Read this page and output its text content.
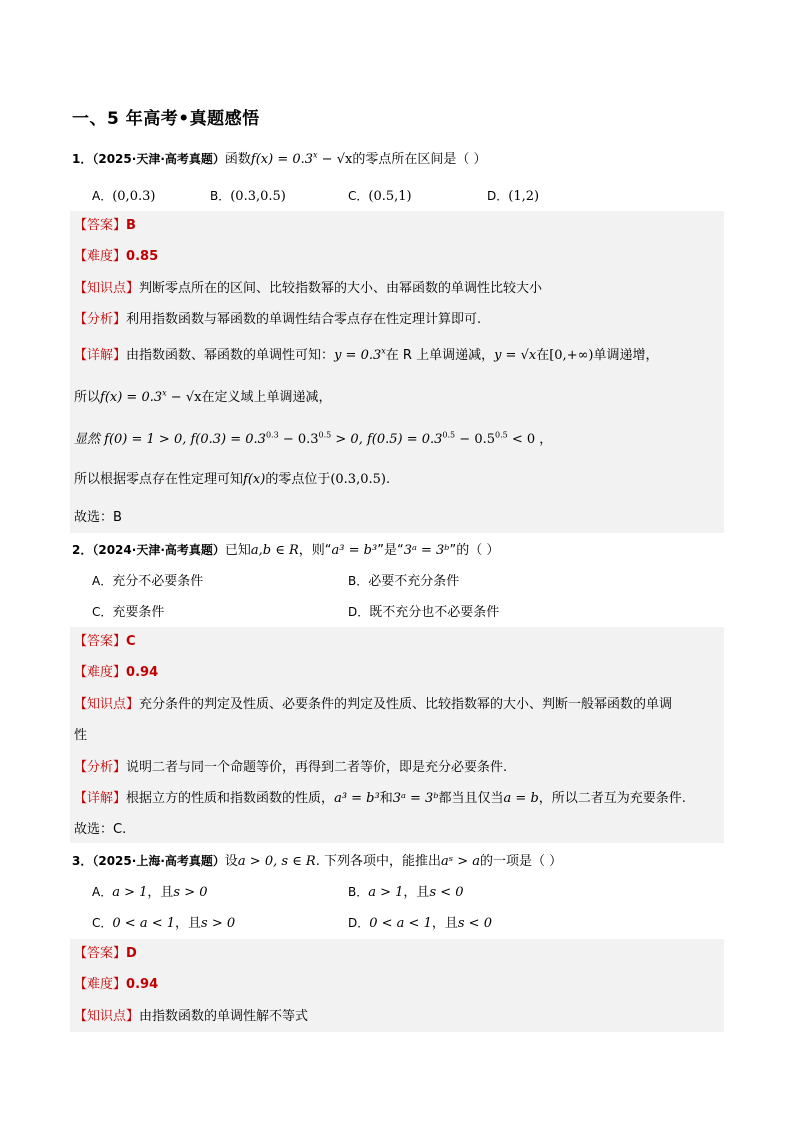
一、5 年高考•真题感悟
1．（2025·天津·高考真题）函数$f(x) = 0.3^x - √x$的零点所在区间是（ ）
A．(0,0.3)	B．(0.3,0.5)	C．(0.5,1)	D．(1,2)
【答案】B
【难度】0.85
【知识点】判断零点所在的区间、比较指数幂的大小、由幂函数的单调性比较大小
【分析】利用指数函数与幂函数的单调性结合零点存在性定理计算即可.
【详解】由指数函数、幂函数的单调性可知：$y = 0.3^x$在 R 上单调递减，y = √x在[0,+∞)单调递增，
所以$f(x) = 0.3^x - √x$在定义域上单调递减，
显然 f(0) = 1 > 0, $f(0.3) = 0.3^{0.3} - 0.3^{0.5} > 0$, $f(0.5) = 0.3^{0.5} - 0.5^{0.5} < 0$ ，
所以根据零点存在性定理可知f(x)的零点位于(0.3,0.5).
故选：B
2．（2024·天津·高考真题）已知a,b ∈ R，则“a³ = b³”是“3ᵃ = 3ᵇ”的（ ）
A．充分不必要条件	B．必要不充分条件
C．充要条件	D．既不充分也不必要条件
【答案】C
【难度】0.94
【知识点】充分条件的判定及性质、必要条件的判定及性质、比较指数幂的大小、判断一般幂函数的单调
性
【分析】说明二者与同一个命题等价，再得到二者等价，即是充分必要条件.
【详解】根据立方的性质和指数函数的性质，a³ = b³和3ᵃ = 3ᵇ都当且仅当a = b，所以二者互为充要条件.
故选：C.
3．（2025·上海·高考真题）设a > 0, s ∈ R. 下列各项中，能推出aˢ > a的一项是（ ）
A．a > 1，且s > 0	B．a > 1，且s < 0
C．0 < a < 1，且s > 0	D．0 < a < 1，且s < 0
【答案】D
【难度】0.94
【知识点】由指数函数的单调性解不等式
